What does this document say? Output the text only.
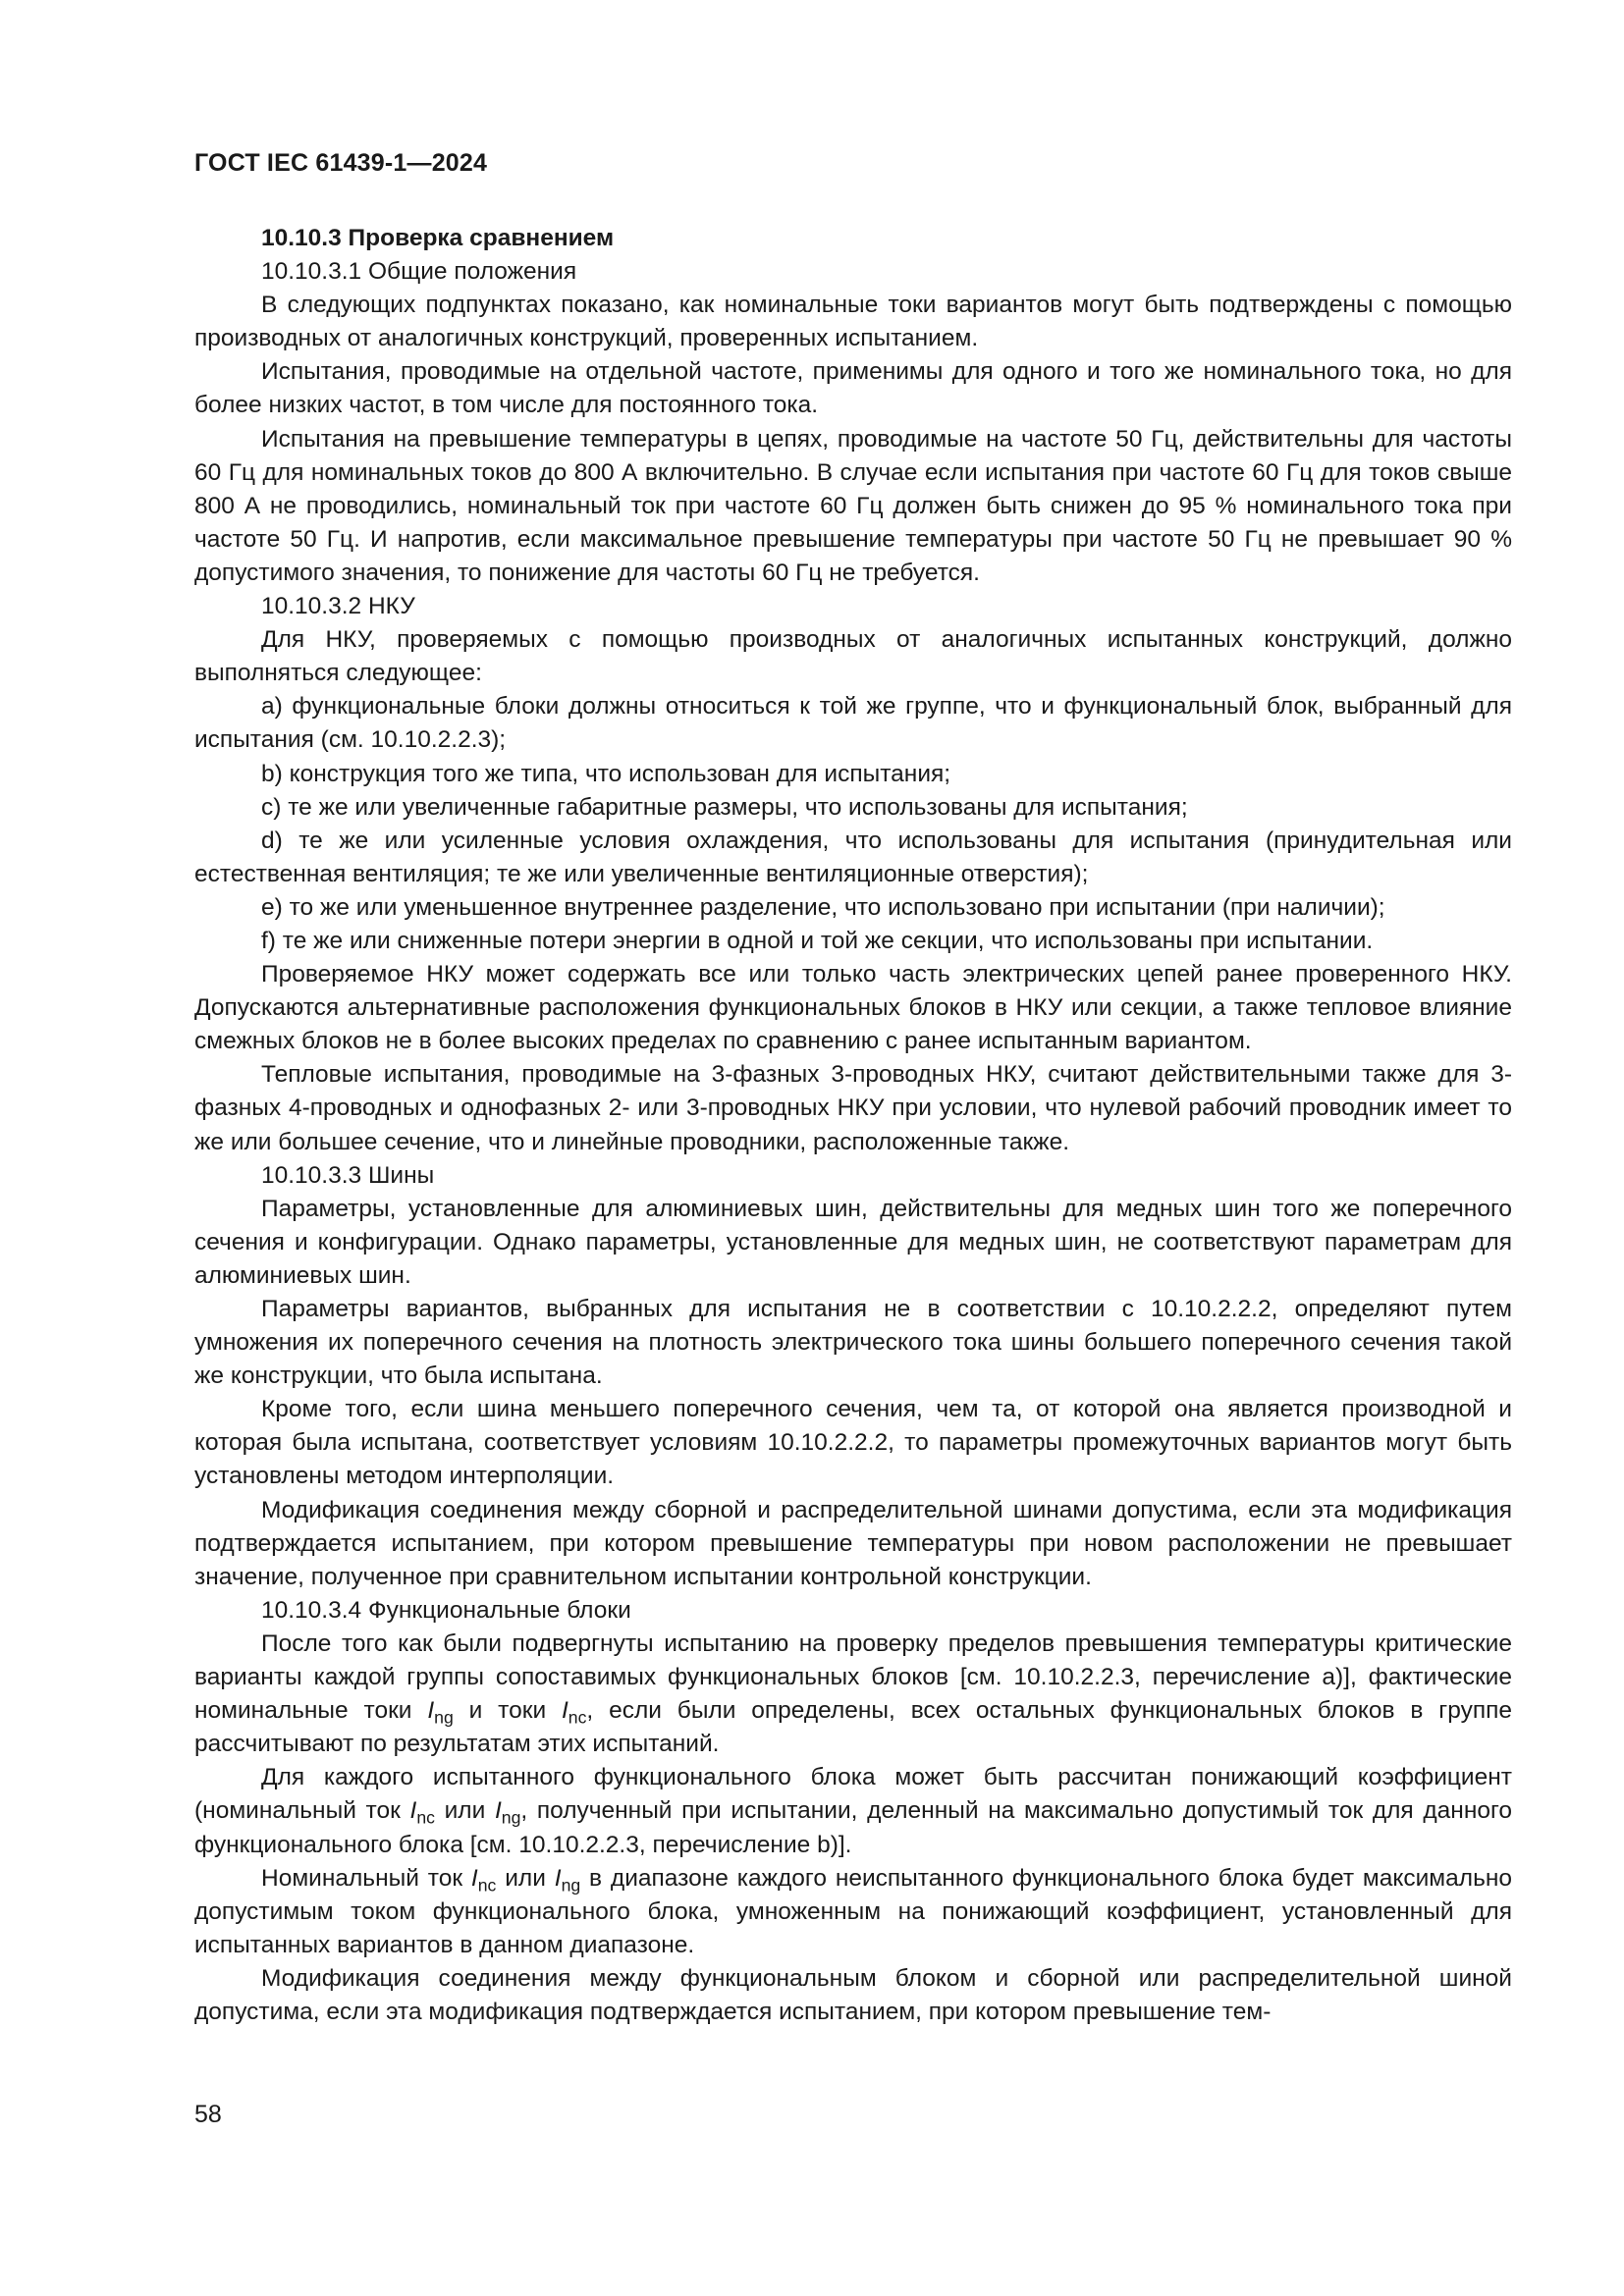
ГОСТ IEC 61439-1—2024

10.10.3 Проверка сравнением

10.10.3.1 Общие положения

В следующих подпунктах показано, как номинальные токи вариантов могут быть подтверждены с помощью производных от аналогичных конструкций, проверенных испытанием.

Испытания, проводимые на отдельной частоте, применимы для одного и того же номинального тока, но для более низких частот, в том числе для постоянного тока.

Испытания на превышение температуры в цепях, проводимые на частоте 50 Гц, действительны для частоты 60 Гц для номинальных токов до 800 А включительно. В случае если испытания при частоте 60 Гц для токов свыше 800 А не проводились, номинальный ток при частоте 60 Гц должен быть снижен до 95 % номинального тока при частоте 50 Гц. И напротив, если максимальное превышение температуры при частоте 50 Гц не превышает 90 % допустимого значения, то понижение для частоты 60 Гц не требуется.

10.10.3.2 НКУ

Для НКУ, проверяемых с помощью производных от аналогичных испытанных конструкций, должно выполняться следующее:

a) функциональные блоки должны относиться к той же группе, что и функциональный блок, выбранный для испытания (см. 10.10.2.2.3);

b) конструкция того же типа, что использован для испытания;

c) те же или увеличенные габаритные размеры, что использованы для испытания;

d) те же или усиленные условия охлаждения, что использованы для испытания (принудительная или естественная вентиляция; те же или увеличенные вентиляционные отверстия);

e) то же или уменьшенное внутреннее разделение, что использовано при испытании (при наличии);

f) те же или сниженные потери энергии в одной и той же секции, что использованы при испытании.

Проверяемое НКУ может содержать все или только часть электрических цепей ранее проверенного НКУ. Допускаются альтернативные расположения функциональных блоков в НКУ или секции, а также тепловое влияние смежных блоков не в более высоких пределах по сравнению с ранее испытанным вариантом.

Тепловые испытания, проводимые на 3-фазных 3-проводных НКУ, считают действительными также для 3-фазных 4-проводных и однофазных 2- или 3-проводных НКУ при условии, что нулевой рабочий проводник имеет то же или большее сечение, что и линейные проводники, расположенные также.

10.10.3.3 Шины

Параметры, установленные для алюминиевых шин, действительны для медных шин того же поперечного сечения и конфигурации. Однако параметры, установленные для медных шин, не соответствуют параметрам для алюминиевых шин.

Параметры вариантов, выбранных для испытания не в соответствии с 10.10.2.2.2, определяют путем умножения их поперечного сечения на плотность электрического тока шины большего поперечного сечения такой же конструкции, что была испытана.

Кроме того, если шина меньшего поперечного сечения, чем та, от которой она является производной и которая была испытана, соответствует условиям 10.10.2.2.2, то параметры промежуточных вариантов могут быть установлены методом интерполяции.

Модификация соединения между сборной и распределительной шинами допустима, если эта модификация подтверждается испытанием, при котором превышение температуры при новом расположении не превышает значение, полученное при сравнительном испытании контрольной конструкции.

10.10.3.4 Функциональные блоки

После того как были подвергнуты испытанию на проверку пределов превышения температуры критические варианты каждой группы сопоставимых функциональных блоков [см. 10.10.2.2.3, перечисление а)], фактические номинальные токи $I_{ng}$ и токи $I_{nc}$, если были определены, всех остальных функциональных блоков в группе рассчитывают по результатам этих испытаний.

Для каждого испытанного функционального блока может быть рассчитан понижающий коэффициент (номинальный ток $I_{nc}$ или $I_{ng}$, полученный при испытании, деленный на максимально допустимый ток для данного функционального блока [см. 10.10.2.2.3, перечисление b)].

Номинальный ток $I_{nc}$ или $I_{ng}$ в диапазоне каждого неиспытанного функционального блока будет максимально допустимым током функционального блока, умноженным на понижающий коэффициент, установленный для испытанных вариантов в данном диапазоне.

Модификация соединения между функциональным блоком и сборной или распределительной шиной допустима, если эта модификация подтверждается испытанием, при котором превышение тем-

58
